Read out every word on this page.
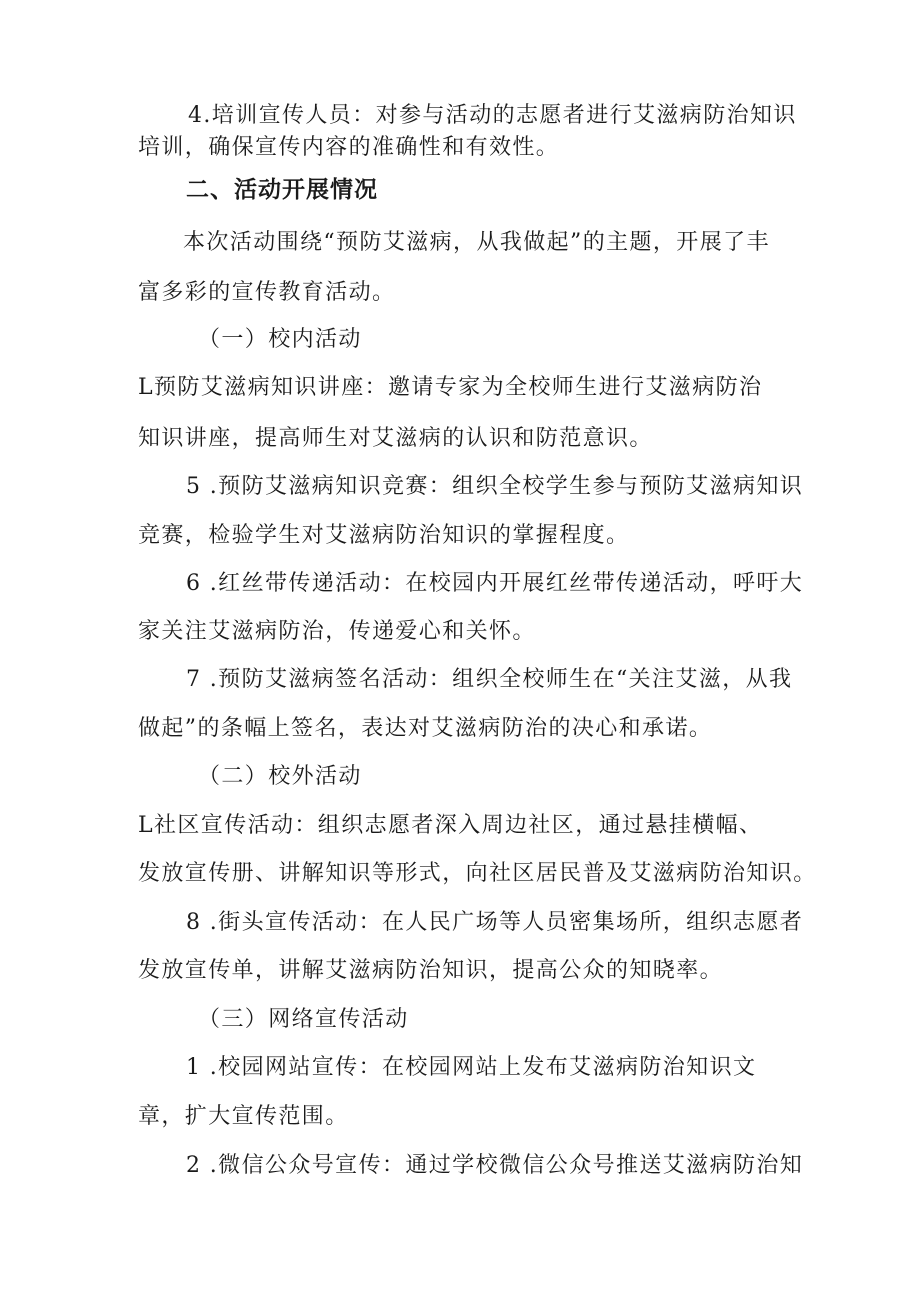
4.培训宣传人员：对参与活动的志愿者进行艾滋病防治知识
培训，确保宣传内容的准确性和有效性。
二、活动开展情况
本次活动围绕“预防艾滋病，从我做起”的主题，开展了丰
富多彩的宣传教育活动。
（一）校内活动
L预防艾滋病知识讲座：邀请专家为全校师生进行艾滋病防治
知识讲座，提高师生对艾滋病的认识和防范意识。
5 .预防艾滋病知识竞赛：组织全校学生参与预防艾滋病知识
竞赛，检验学生对艾滋病防治知识的掌握程度。
6 .红丝带传递活动：在校园内开展红丝带传递活动，呼吁大
家关注艾滋病防治，传递爱心和关怀。
7 .预防艾滋病签名活动：组织全校师生在“关注艾滋，从我
做起”的条幅上签名，表达对艾滋病防治的决心和承诺。
（二）校外活动
L社区宣传活动：组织志愿者深入周边社区，通过悬挂横幅、
发放宣传册、讲解知识等形式，向社区居民普及艾滋病防治知识。
8 .街头宣传活动：在人民广场等人员密集场所，组织志愿者
发放宣传单，讲解艾滋病防治知识，提高公众的知晓率。
（三）网络宣传活动
1 .校园网站宣传：在校园网站上发布艾滋病防治知识文
章，扩大宣传范围。
2 .微信公众号宣传：通过学校微信公众号推送艾滋病防治知
